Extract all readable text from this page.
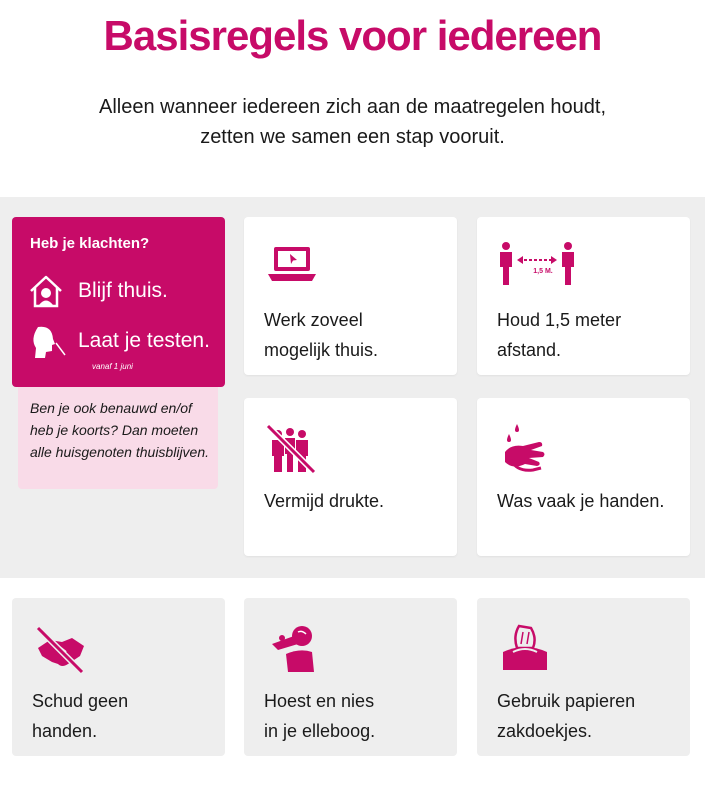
Basisregels voor iedereen

Alleen wanneer iedereen zich aan de maatregelen houdt,
zetten we samen een stap vooruit.

Heb je klachten?
Blijf thuis.
Laat je testen.
vanaf 1 juni
Ben je ook benauwd en/of
heb je koorts? Dan moeten
alle huisgenoten thuisblijven.
Werk zoveel
mogelijk thuis.
1,5 M.
Houd 1,5 meter
afstand.
Vermijd drukte.	Was vaak je handen.
Schud geen
handen.
Hoest en nies
in je elleboog.
Gebruik papieren
zakdoekjes.
